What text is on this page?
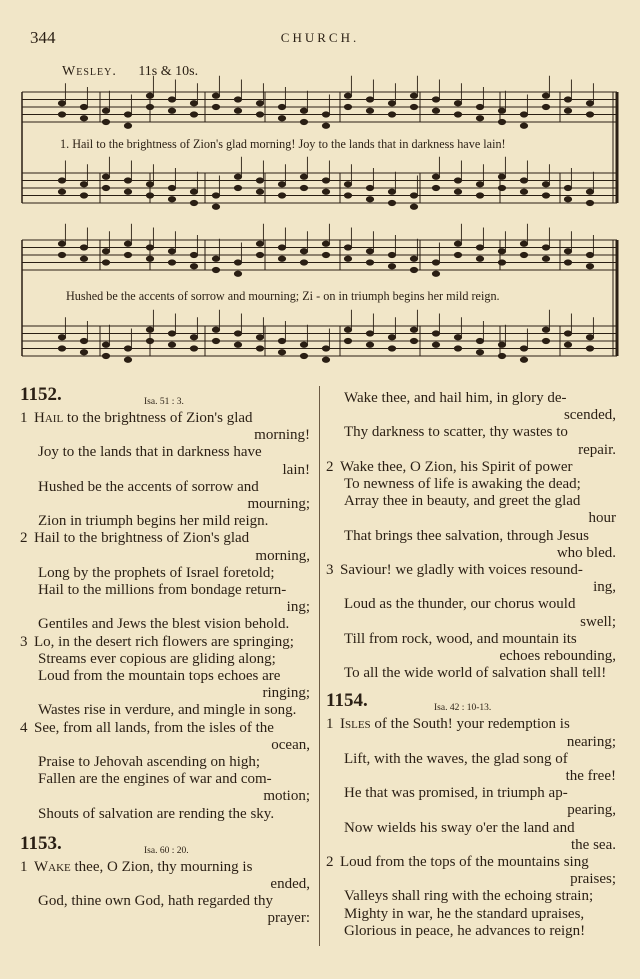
344	CHURCH.
Wesley. 11s & 10s.
1. Hail to the brightness of Zion's glad morning! Joy to the lands that in darkness have lain!
Hushed be the accents of sorrow and mourning; Zi - on in triumph begins her mild reign.
1152.	Isa. 51 : 3.
1 Hail to the brightness of Zion's glad
morning!
Joy to the lands that in darkness have
lain!
Hushed be the accents of sorrow and
mourning;
Zion in triumph begins her mild reign.
2 Hail to the brightness of Zion's glad
morning,
Long by the prophets of Israel foretold;
Hail to the millions from bondage return-
ing;
Gentiles and Jews the blest vision behold.
3 Lo, in the desert rich flowers are springing;
Streams ever copious are gliding along;
Loud from the mountain tops echoes are
ringing;
Wastes rise in verdure, and mingle in song.
4 See, from all lands, from the isles of the
ocean,
Praise to Jehovah ascending on high;
Fallen are the engines of war and com-
motion;
Shouts of salvation are rending the sky.
1153.	Isa. 60 : 20.
1 Wake thee, O Zion, thy mourning is
ended,
God, thine own God, hath regarded thy
prayer:
Wake thee, and hail him, in glory de-
scended,
Thy darkness to scatter, thy wastes to
repair.
2 Wake thee, O Zion, his Spirit of power
To newness of life is awaking the dead;
Array thee in beauty, and greet the glad
hour
That brings thee salvation, through Jesus
who bled.
3 Saviour! we gladly with voices resound-
ing,
Loud as the thunder, our chorus would
swell;
Till from rock, wood, and mountain its
echoes rebounding,
To all the wide world of salvation shall tell!
1154.	Isa. 42 : 10-13.
1 Isles of the South! your redemption is
nearing;
Lift, with the waves, the glad song of
the free!
He that was promised, in triumph ap-
pearing,
Now wields his sway o'er the land and
the sea.
2 Loud from the tops of the mountains sing
praises;
Valleys shall ring with the echoing strain;
Mighty in war, he the standard upraises,
Glorious in peace, he advances to reign!
